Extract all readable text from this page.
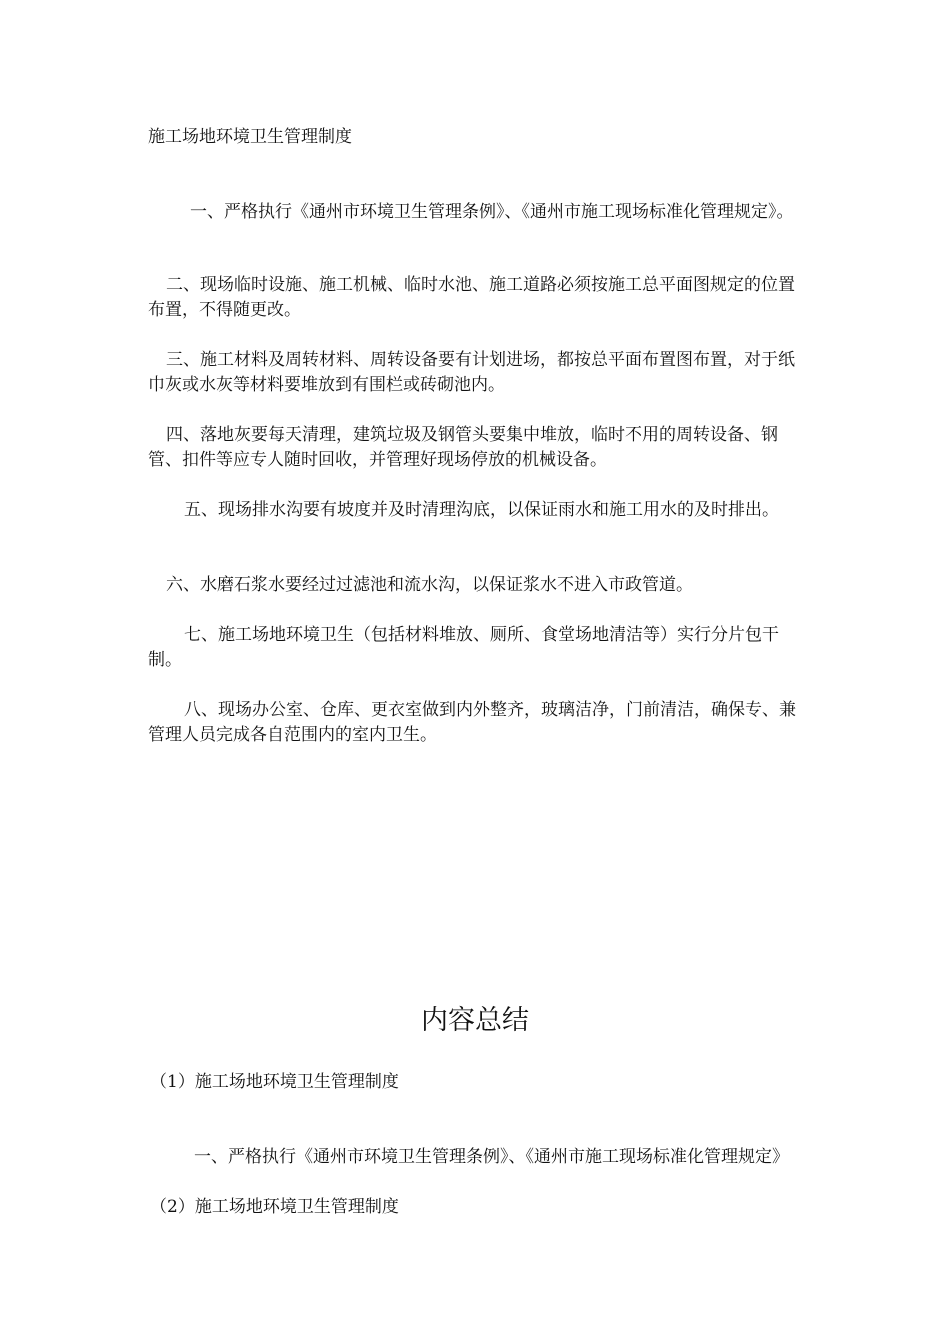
施工场地环境卫生管理制度
一、严格执行《通州市环境卫生管理条例》、《通州市施工现场标准化管理规定》。
二、现场临时设施、施工机械、临时水池、施工道路必须按施工总平面图规定的位置布置，不得随更改。
三、施工材料及周转材料、周转设备要有计划进场，都按总平面布置图布置，对于纸巾灰或水灰等材料要堆放到有围栏或砖砌池内。
四、落地灰要每天清理，建筑垃圾及钢管头要集中堆放，临时不用的周转设备、钢管、扣件等应专人随时回收，并管理好现场停放的机械设备。
五、现场排水沟要有坡度并及时清理沟底，以保证雨水和施工用水的及时排出。
六、水磨石浆水要经过过滤池和流水沟，以保证浆水不进入市政管道。
七、施工场地环境卫生（包括材料堆放、厕所、食堂场地清洁等）实行分片包干制。
八、现场办公室、仓库、更衣室做到内外整齐，玻璃洁净，门前清洁，确保专、兼管理人员完成各自范围内的室内卫生。
内容总结
（1）施工场地环境卫生管理制度
一、严格执行《通州市环境卫生管理条例》、《通州市施工现场标准化管理规定》
（2）施工场地环境卫生管理制度
